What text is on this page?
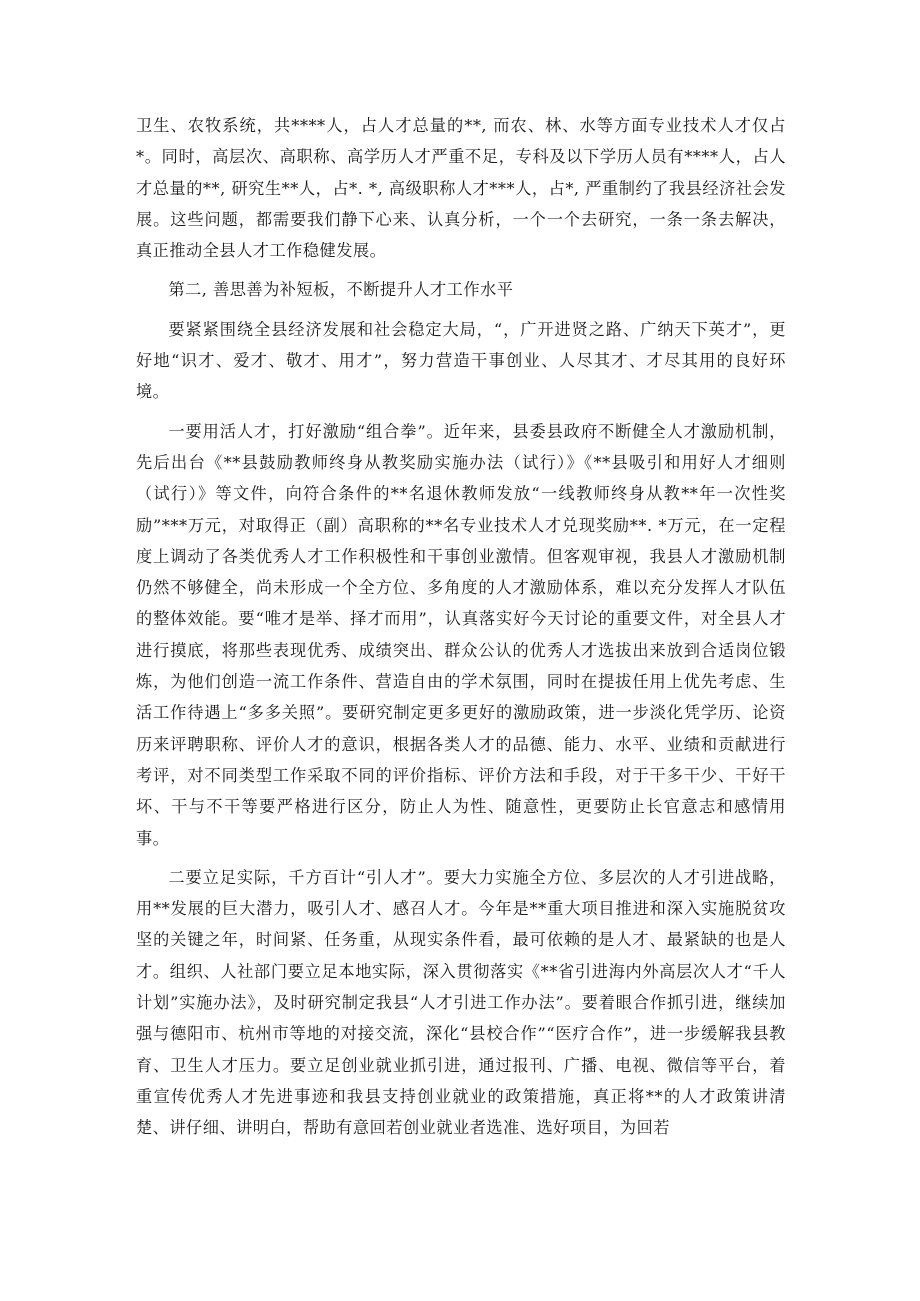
卫生、农牧系统，共****人，占人才总量的**, 而农、林、水等方面专业技术人才仅占*。同时，高层次、高职称、高学历人才严重不足，专科及以下学历人员有****人，占人才总量的**, 研究生**人，占*. *, 高级职称人才***人，占*, 严重制约了我县经济社会发展。这些问题，都需要我们静下心来、认真分析，一个一个去研究，一条一条去解决，真正推动全县人才工作稳健发展。

第二, 善思善为补短板，不断提升人才工作水平

要紧紧围绕全县经济发展和社会稳定大局，“，广开进贤之路、广纳天下英才”，更好地“识才、爱才、敬才、用才”，努力营造干事创业、人尽其才、才尽其用的良好环境。

一要用活人才，打好激励“组合拳”。近年来，县委县政府不断健全人才激励机制，先后出台《**县鼓励教师终身从教奖励实施办法（试行）》《**县吸引和用好人才细则（试行）》等文件，向符合条件的**名退休教师发放“一线教师终身从教**年一次性奖励”***万元，对取得正（副）高职称的**名专业技术人才兑现奖励**. *万元，在一定程度上调动了各类优秀人才工作积极性和干事创业激情。但客观审视，我县人才激励机制仍然不够健全，尚未形成一个全方位、多角度的人才激励体系，难以充分发挥人才队伍的整体效能。要“唯才是举、择才而用”，认真落实好今天讨论的重要文件，对全县人才进行摸底，将那些表现优秀、成绩突出、群众公认的优秀人才选拔出来放到合适岗位锻炼，为他们创造一流工作条件、营造自由的学术氛围，同时在提拔任用上优先考虑、生活工作待遇上“多多关照”。要研究制定更多更好的激励政策，进一步淡化凭学历、论资历来评聘职称、评价人才的意识，根据各类人才的品德、能力、水平、业绩和贡献进行考评，对不同类型工作采取不同的评价指标、评价方法和手段，对于干多干少、干好干坏、干与不干等要严格进行区分，防止人为性、随意性，更要防止长官意志和感情用事。

二要立足实际，千方百计“引人才”。要大力实施全方位、多层次的人才引进战略，用**发展的巨大潜力，吸引人才、感召人才。今年是**重大项目推进和深入实施脱贫攻坚的关键之年，时间紧、任务重，从现实条件看，最可依赖的是人才、最紧缺的也是人才。组织、人社部门要立足本地实际，深入贯彻落实《**省引进海内外高层次人才“千人计划”实施办法》，及时研究制定我县“人才引进工作办法”。要着眼合作抓引进，继续加强与德阳市、杭州市等地的对接交流，深化“县校合作”“医疗合作”，进一步缓解我县教育、卫生人才压力。要立足创业就业抓引进，通过报刊、广播、电视、微信等平台，着重宣传优秀人才先进事迹和我县支持创业就业的政策措施，真正将**的人才政策讲清楚、讲仔细、讲明白，帮助有意回若创业就业者选准、选好项目，为回若
